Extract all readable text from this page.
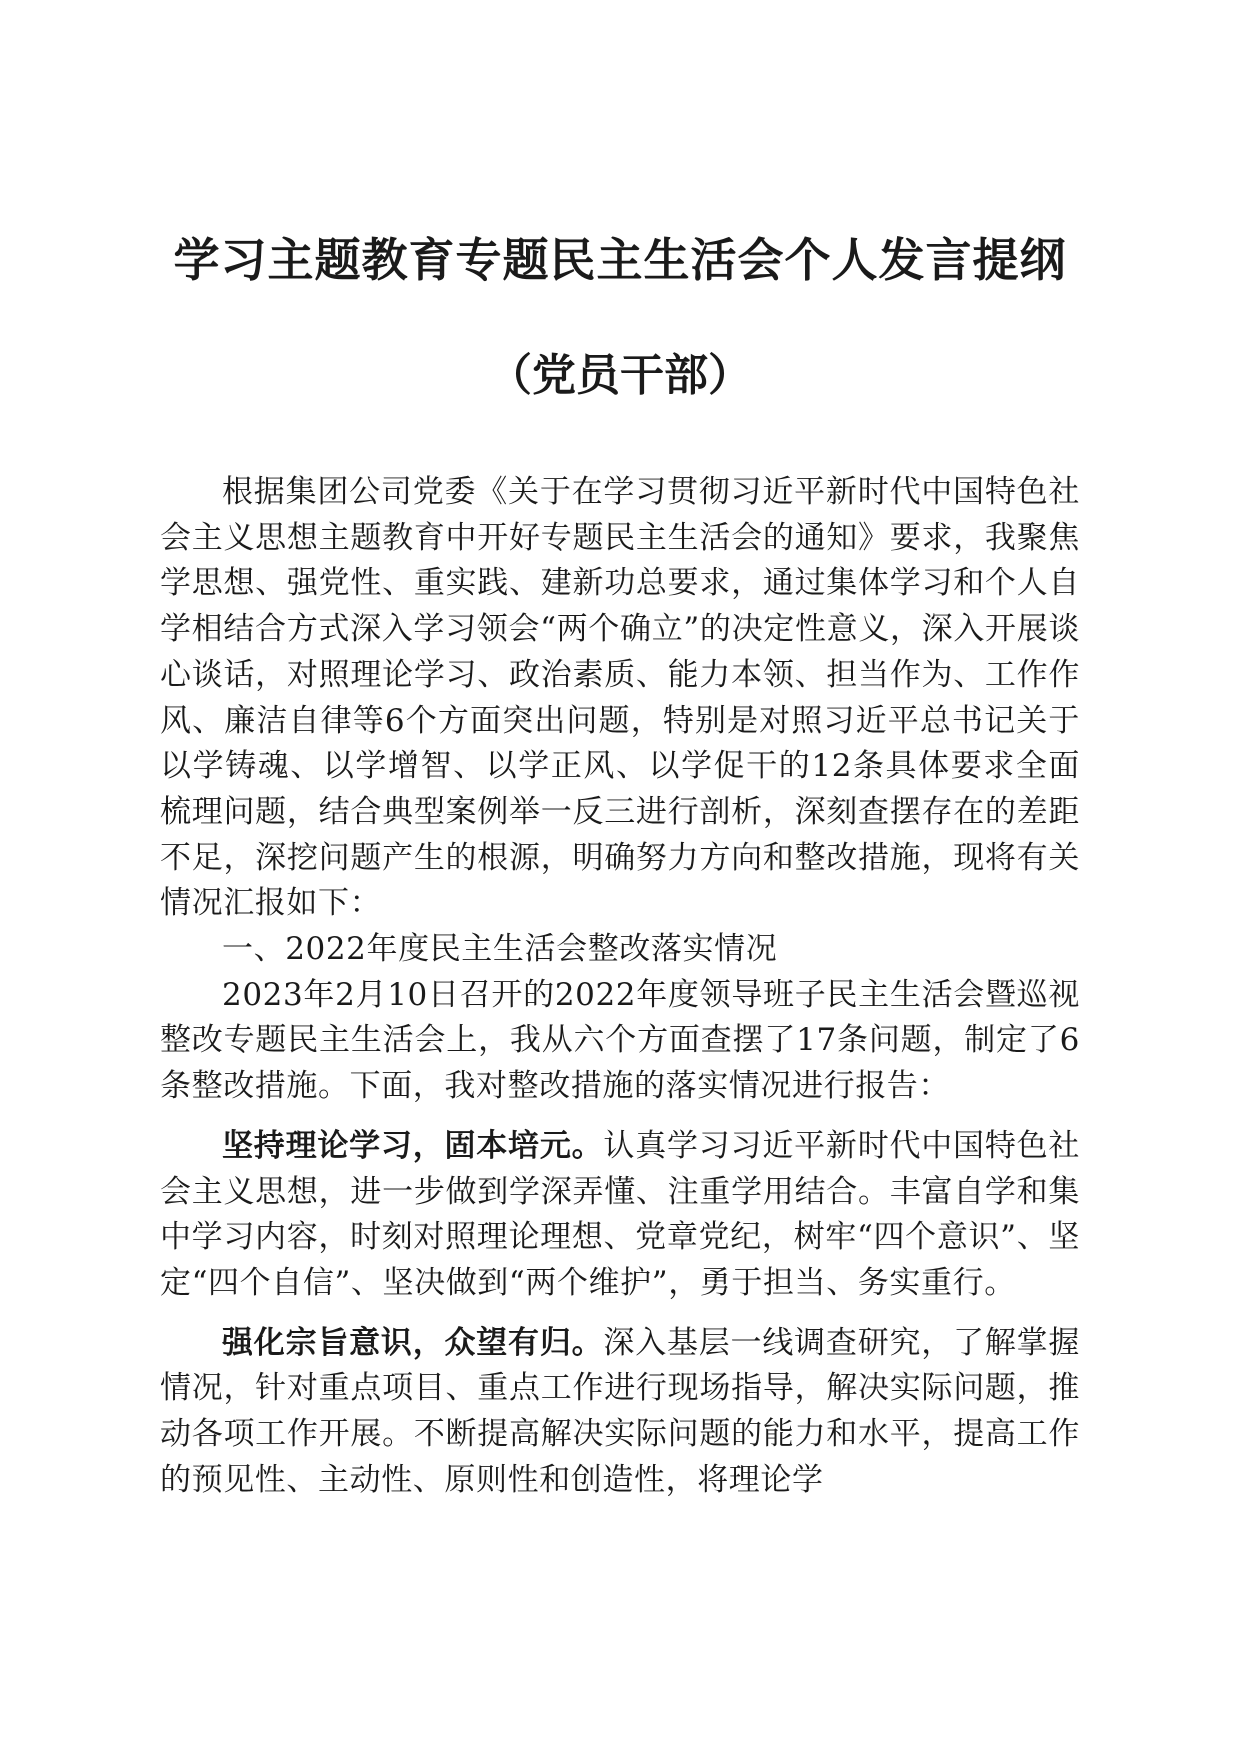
学习主题教育专题民主生活会个人发言提纲
（党员干部）

根据集团公司党委《关于在学习贯彻习近平新时代中国特色社会主义思想主题教育中开好专题民主生活会的通知》要求，我聚焦学思想、强党性、重实践、建新功总要求，通过集体学习和个人自学相结合方式深入学习领会“两个确立”的决定性意义，深入开展谈心谈话，对照理论学习、政治素质、能力本领、担当作为、工作作风、廉洁自律等6个方面突出问题，特别是对照习近平总书记关于以学铸魂、以学增智、以学正风、以学促干的12条具体要求全面梳理问题，结合典型案例举一反三进行剖析，深刻查摆存在的差距不足，深挖问题产生的根源，明确努力方向和整改措施，现将有关情况汇报如下：

一、2022年度民主生活会整改落实情况

2023年2月10日召开的2022年度领导班子民主生活会暨巡视整改专题民主生活会上，我从六个方面查摆了17条问题，制定了6条整改措施。下面，我对整改措施的落实情况进行报告：

坚持理论学习，固本培元。认真学习习近平新时代中国特色社会主义思想，进一步做到学深弄懂、注重学用结合。丰富自学和集中学习内容，时刻对照理论理想、党章党纪，树牢“四个意识”、坚定“四个自信”、坚决做到“两个维护”，勇于担当、务实重行。

强化宗旨意识，众望有归。深入基层一线调查研究，了解掌握情况，针对重点项目、重点工作进行现场指导，解决实际问题，推动各项工作开展。不断提高解决实际问题的能力和水平，提高工作的预见性、主动性、原则性和创造性，将理论学
